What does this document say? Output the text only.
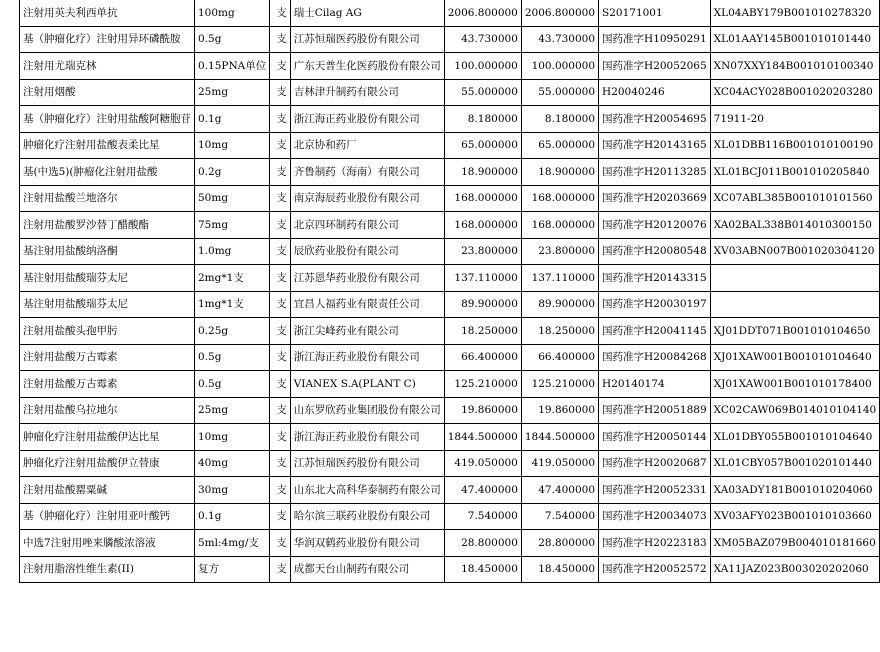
注射用英夫利西单抗	100mg	支	瑞士Cilag AG	2006.800000	2006.800000	S20171001	XL04ABY179B001010278320
基（肿瘤化疗）注射用异环磷酰胺	0.5g	支	江苏恒瑞医药股份有限公司	43.730000	43.730000	国药准字H10950291	XL01AAY145B001010101440
注射用尤瑞克林	0.15PNA单位	支	广东天普生化医药股份有限公司	100.000000	100.000000	国药准字H20052065	XN07XXY184B001010100340
注射用烟酸	25mg	支	吉林津升制药有限公司	55.000000	55.000000	H20040246	XC04ACY028B001020203280
基（肿瘤化疗）注射用盐酸阿糖胞苷	0.1g	支	浙江海正药业股份有限公司	8.180000	8.180000	国药准字H20054695	71911-20
肿瘤化疗注射用盐酸表柔比星	10mg	支	北京协和药厂	65.000000	65.000000	国药准字H20143165	XL01DBB116B001010100190
基(中选5)(肿瘤化注射用盐酸	0.2g	支	齐鲁制药（海南）有限公司	18.900000	18.900000	国药准字H20113285	XL01BCJ011B001010205840
注射用盐酸兰地洛尔	50mg	支	南京海辰药业股份有限公司	168.000000	168.000000	国药准字H20203669	XC07ABL385B001010101560
注射用盐酸罗沙替丁醋酸酯	75mg	支	北京四环制药有限公司	168.000000	168.000000	国药准字H20120076	XA02BAL338B014010300150
基注射用盐酸纳洛酮	1.0mg	支	辰欣药业股份有限公司	23.800000	23.800000	国药准字H20080548	XV03ABN007B001020304120
基注射用盐酸瑞芬太尼	2mg*1支	支	江苏恩华药业股份有限公司	137.110000	137.110000	国药准字H20143315	
基注射用盐酸瑞芬太尼	1mg*1支	支	宜昌人福药业有限责任公司	89.900000	89.900000	国药准字H20030197	
注射用盐酸头孢甲肟	0.25g	支	浙江尖峰药业有限公司	18.250000	18.250000	国药准字H20041145	XJ01DDT071B001010104650
注射用盐酸万古霉素	0.5g	支	浙江海正药业股份有限公司	66.400000	66.400000	国药准字H20084268	XJ01XAW001B001010104640
注射用盐酸万古霉素	0.5g	支	VIANEX S.A(PLANT C)	125.210000	125.210000	H20140174	XJ01XAW001B001010178400
注射用盐酸乌拉地尔	25mg	支	山东罗欣药业集团股份有限公司	19.860000	19.860000	国药准字H20051889	XC02CAW069B014010104140
肿瘤化疗注射用盐酸伊达比星	10mg	支	浙江海正药业股份有限公司	1844.500000	1844.500000	国药准字H20050144	XL01DBY055B001010104640
肿瘤化疗注射用盐酸伊立替康	40mg	支	江苏恒瑞医药股份有限公司	419.050000	419.050000	国药准字H20020687	XL01CBY057B001020101440
注射用盐酸罂粟碱	30mg	支	山东北大高科华泰制药有限公司	47.400000	47.400000	国药准字H20052331	XA03ADY181B001010204060
基（肿瘤化疗）注射用亚叶酸钙	0.1g	支	哈尔滨三联药业股份有限公司	7.540000	7.540000	国药准字H20034073	XV03AFY023B001010103660
中选7注射用唑来膦酸浓溶液	5ml:4mg/支	支	华润双鹤药业股份有限公司	28.800000	28.800000	国药准字H20223183	XM05BAZ079B004010181660
注射用脂溶性维生素(II)	复方	支	成都天台山制药有限公司	18.450000	18.450000	国药准字H20052572	XA11JAZ023B003020202060
